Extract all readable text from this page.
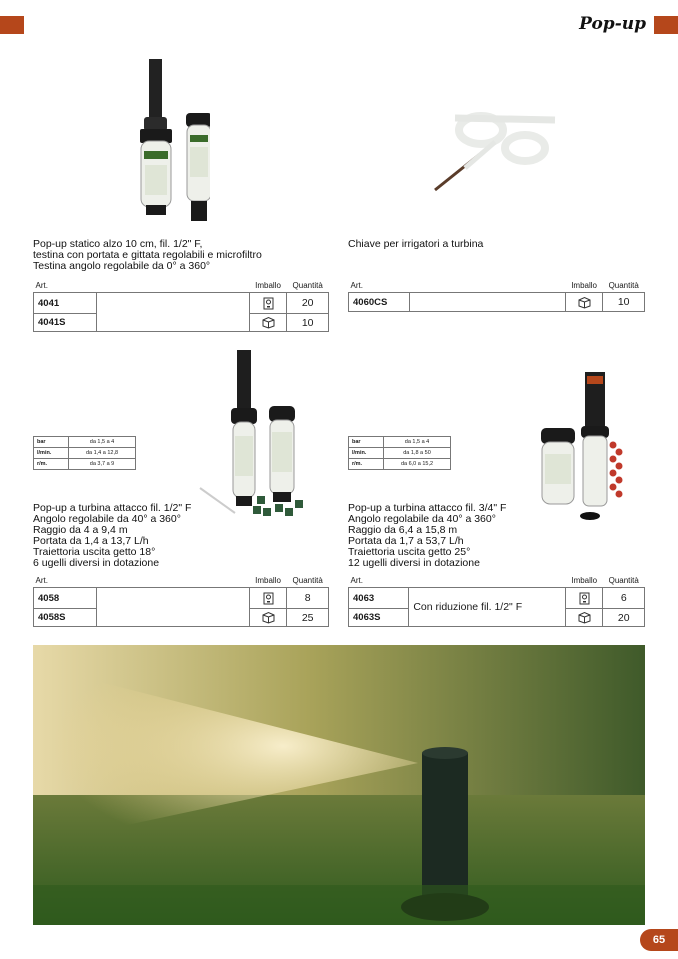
Pop-up
Pop-up statico alzo 10 cm, fil. 1/2" F,
testina con portata e gittata regolabili e microfiltro
Testina angolo regolabile da 0° a 360°
Chiave per irrigatori a turbina
Art.		Imballo	Quantità
4041			20
4041S			10
Art.		Imballo	Quantità
4060CS			10
bar	da 1,5 a 4
l/min.	da 1,4 a 12,8
r/m.	da 3,7 a 9
bar	da 1,5 a 4
l/min.	da 1,8 a 50
r/m.	da 6,0 a 15,2
Pop-up a turbina attacco fil. 1/2" F
Angolo regolabile da 40° a 360°
Raggio da 4 a 9,4 m
Portata da 1,4 a 13,7 L/h
Traiettoria uscita getto 18°
6 ugelli diversi in dotazione
Pop-up a turbina attacco fil. 3/4" F
Angolo regolabile da 40° a 360°
Raggio da 6,4 a 15,8 m
Portata da 1,7 a 53,7 L/h
Traiettoria uscita getto 25°
12 ugelli diversi in dotazione
Art.		Imballo	Quantità
4058			8
4058S			25
Art.		Imballo	Quantità
4063	Con riduzione fil. 1/2" F		6
4063S			20
65
